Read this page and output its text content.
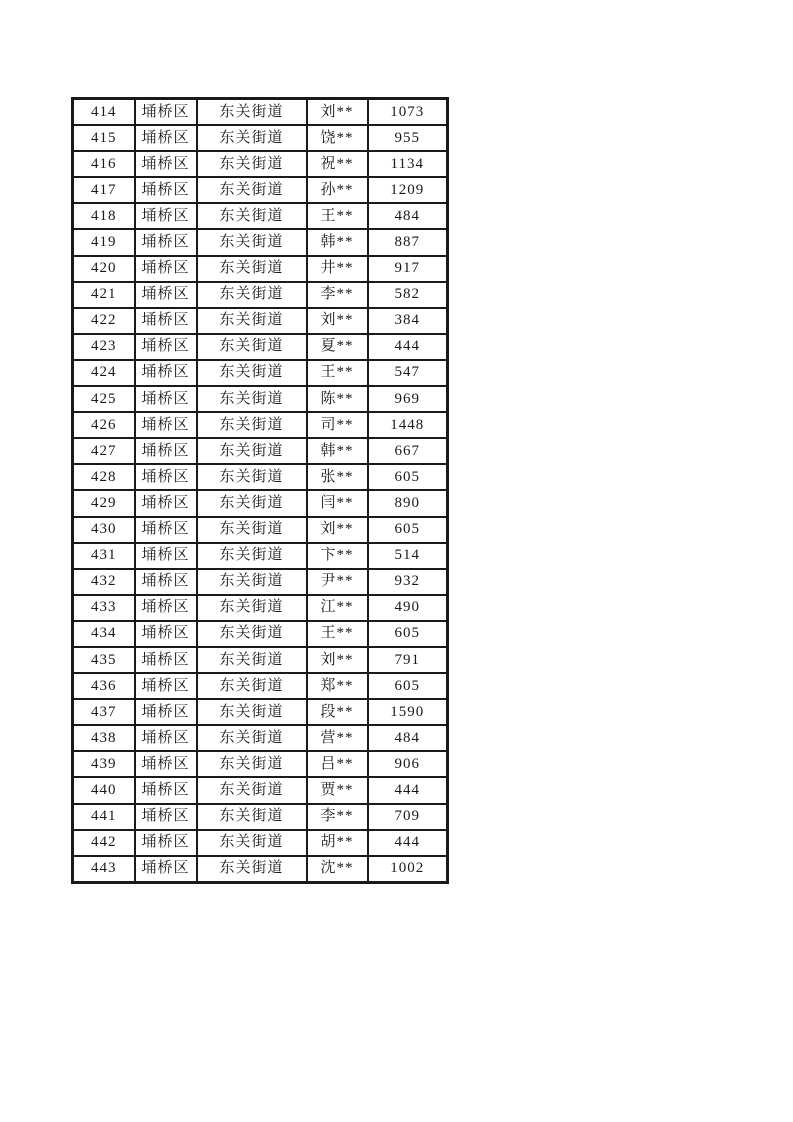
414	埇桥区	东关街道	刘**	1073
415	埇桥区	东关街道	饶**	955
416	埇桥区	东关街道	祝**	1134
417	埇桥区	东关街道	孙**	1209
418	埇桥区	东关街道	王**	484
419	埇桥区	东关街道	韩**	887
420	埇桥区	东关街道	井**	917
421	埇桥区	东关街道	李**	582
422	埇桥区	东关街道	刘**	384
423	埇桥区	东关街道	夏**	444
424	埇桥区	东关街道	王**	547
425	埇桥区	东关街道	陈**	969
426	埇桥区	东关街道	司**	1448
427	埇桥区	东关街道	韩**	667
428	埇桥区	东关街道	张**	605
429	埇桥区	东关街道	闫**	890
430	埇桥区	东关街道	刘**	605
431	埇桥区	东关街道	卞**	514
432	埇桥区	东关街道	尹**	932
433	埇桥区	东关街道	江**	490
434	埇桥区	东关街道	王**	605
435	埇桥区	东关街道	刘**	791
436	埇桥区	东关街道	郑**	605
437	埇桥区	东关街道	段**	1590
438	埇桥区	东关街道	营**	484
439	埇桥区	东关街道	吕**	906
440	埇桥区	东关街道	贾**	444
441	埇桥区	东关街道	李**	709
442	埇桥区	东关街道	胡**	444
443	埇桥区	东关街道	沈**	1002
